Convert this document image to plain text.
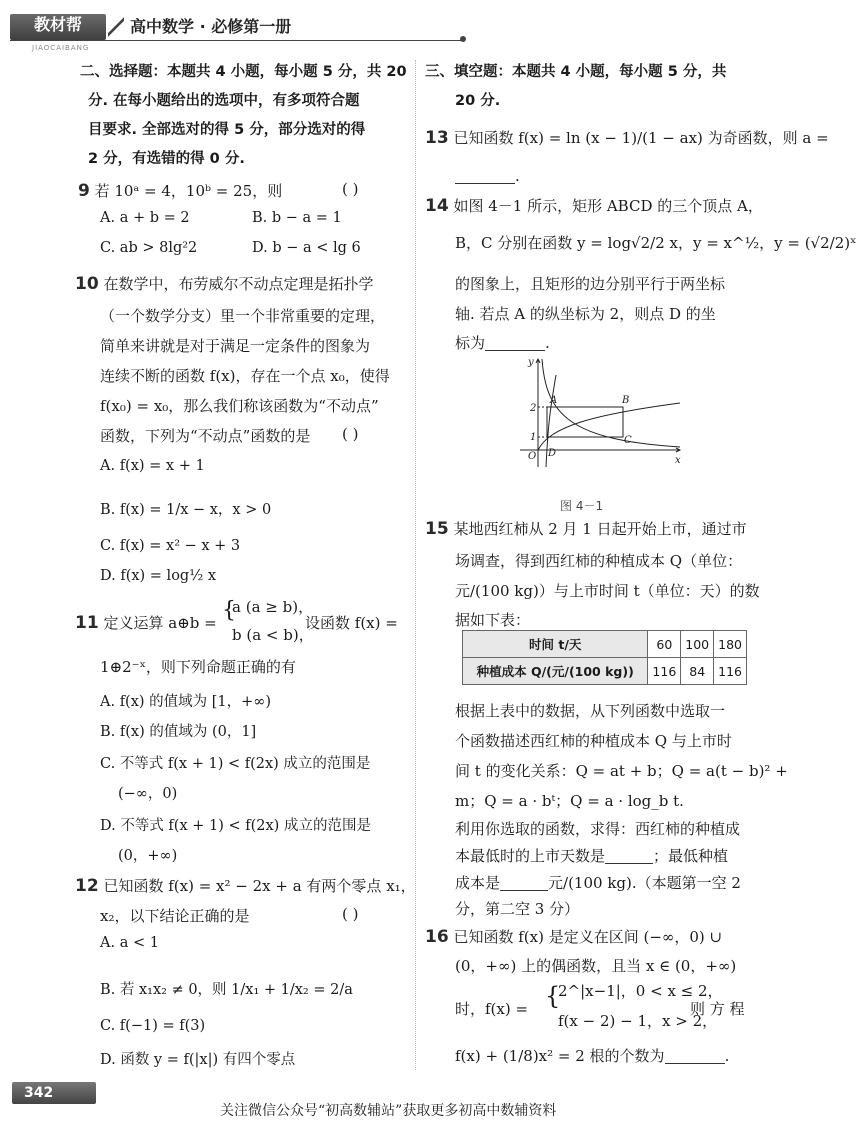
教材帮
JIAOCAIBANG
高中数学 · 必修第一册
二、选择题：本题共 4 小题，每小题 5 分，共 20
分. 在每小题给出的选项中，有多项符合题
目要求. 全部选对的得 5 分，部分选对的得
2 分，有选错的得 0 分.
9 若 10ᵃ = 4，10ᵇ = 25，则	( )
A. a + b = 2	B. b − a = 1
C. ab > 8lg²2	D. b − a < lg 6
10 在数学中，布劳威尔不动点定理是拓扑学
（一个数学分支）里一个非常重要的定理，
简单来讲就是对于满足一定条件的图象为
连续不断的函数 f(x)，存在一个点 x₀，使得
f(x₀) = x₀，那么我们称该函数为“不动点”
函数，下列为“不动点”函数的是 ( )
A. f(x) = x + 1
B. f(x) = 1/x − x，x > 0
C. f(x) = x² − x + 3
D. f(x) = log½ x
11 定义运算 a⊕b = {
a (a ≥ b)，
b (a < b)，
设函数 f(x) =
1⊕2⁻ˣ，则下列命题正确的有
A. f(x) 的值域为 [1，+∞)
B. f(x) 的值域为 (0，1]
C. 不等式 f(x + 1) < f(2x) 成立的范围是
(−∞，0)
D. 不等式 f(x + 1) < f(2x) 成立的范围是
(0，+∞)
12 已知函数 f(x) = x² − 2x + a 有两个零点 x₁，
x₂，以下结论正确的是	( )
A. a < 1
B. 若 x₁x₂ ≠ 0，则 1/x₁ + 1/x₂ = 2/a
C. f(−1) = f(3)
D. 函数 y = f(|x|) 有四个零点
三、填空题：本题共 4 小题，每小题 5 分，共
20 分.
13 已知函数 f(x) = ln (x − 1)/(1 − ax) 为奇函数，则 a =
.
14 如图 4－1 所示，矩形 ABCD 的三个顶点 A，
B，C 分别在函数 y = log√2/2 x，y = x^½，y = (√2/2)ˣ
的图象上，且矩形的边分别平行于两坐标
轴. 若点 A 的纵坐标为 2，则点 D 的坐
标为	.
y
x
O
A	B
C
D
1
2
图 4－1
15 某地西红柿从 2 月 1 日起开始上市，通过市
场调查，得到西红柿的种植成本 Q（单位：
元/(100 kg)）与上市时间 t（单位：天）的数
据如下表：
时间 t/天	60	100	180
种植成本 Q/(元/(100 kg))	116	84	116
根据上表中的数据，从下列函数中选取一
个函数描述西红柿的种植成本 Q 与上市时
间 t 的变化关系：Q = at + b；Q = a(t − b)² +
m；Q = a · bᵗ；Q = a · log_b t.
利用你选取的函数，求得：西红柿的种植成
本最低时的上市天数是	；最低种植
成本是	元/(100 kg).（本题第一空 2
分，第二空 3 分）
16 已知函数 f(x) 是定义在区间 (−∞，0) ∪
(0，+∞) 上的偶函数，且当 x ∈ (0，+∞)
时，f(x) = {
2^|x−1|，0 < x ≤ 2，
f(x − 2) − 1，x > 2，
则 方 程
f(x) + (1/8)x² = 2 根的个数为	.
342
关注微信公众号“初高数辅站”获取更多初高中数辅资料
